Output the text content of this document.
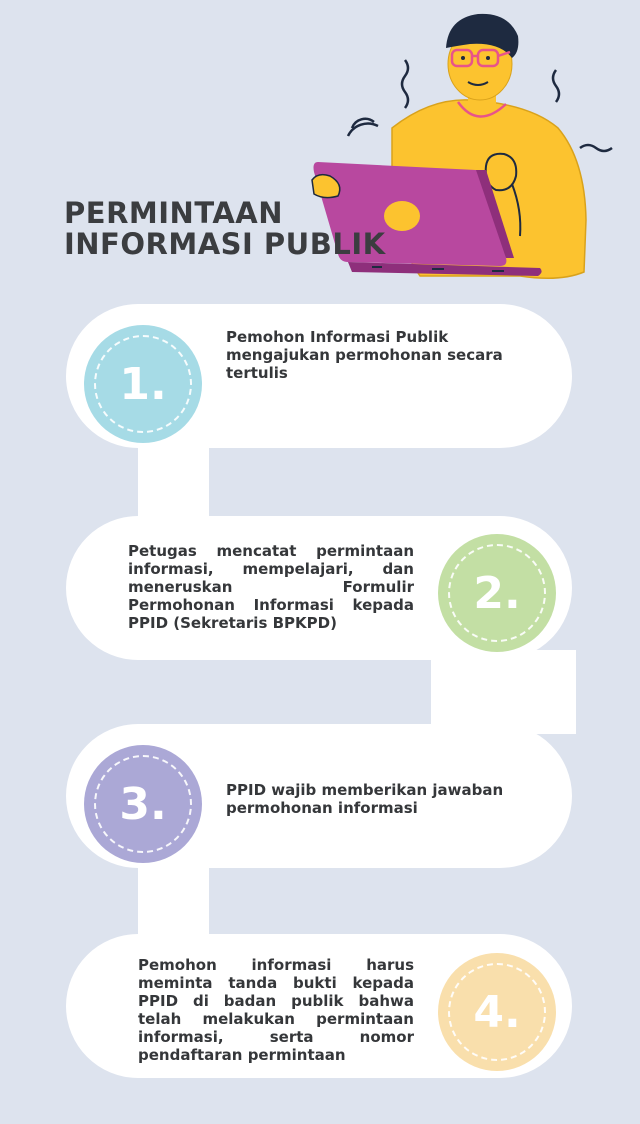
PERMINTAAN
INFORMASI PUBLIK
1.

Pemohon Informasi Publik mengajukan permohonan secara tertulis

2.

Petugas mencatat permintaan informasi, mempelajari, dan meneruskan Formulir Permohonan Informasi kepada PPID (Sekretaris BPKPD)

3.	PPID wajib memberikan jawaban permohonan informasi

4.

Pemohon informasi harus meminta tanda bukti kepada PPID di badan publik bahwa telah melakukan permintaan informasi, serta nomor pendaftaran permintaan
